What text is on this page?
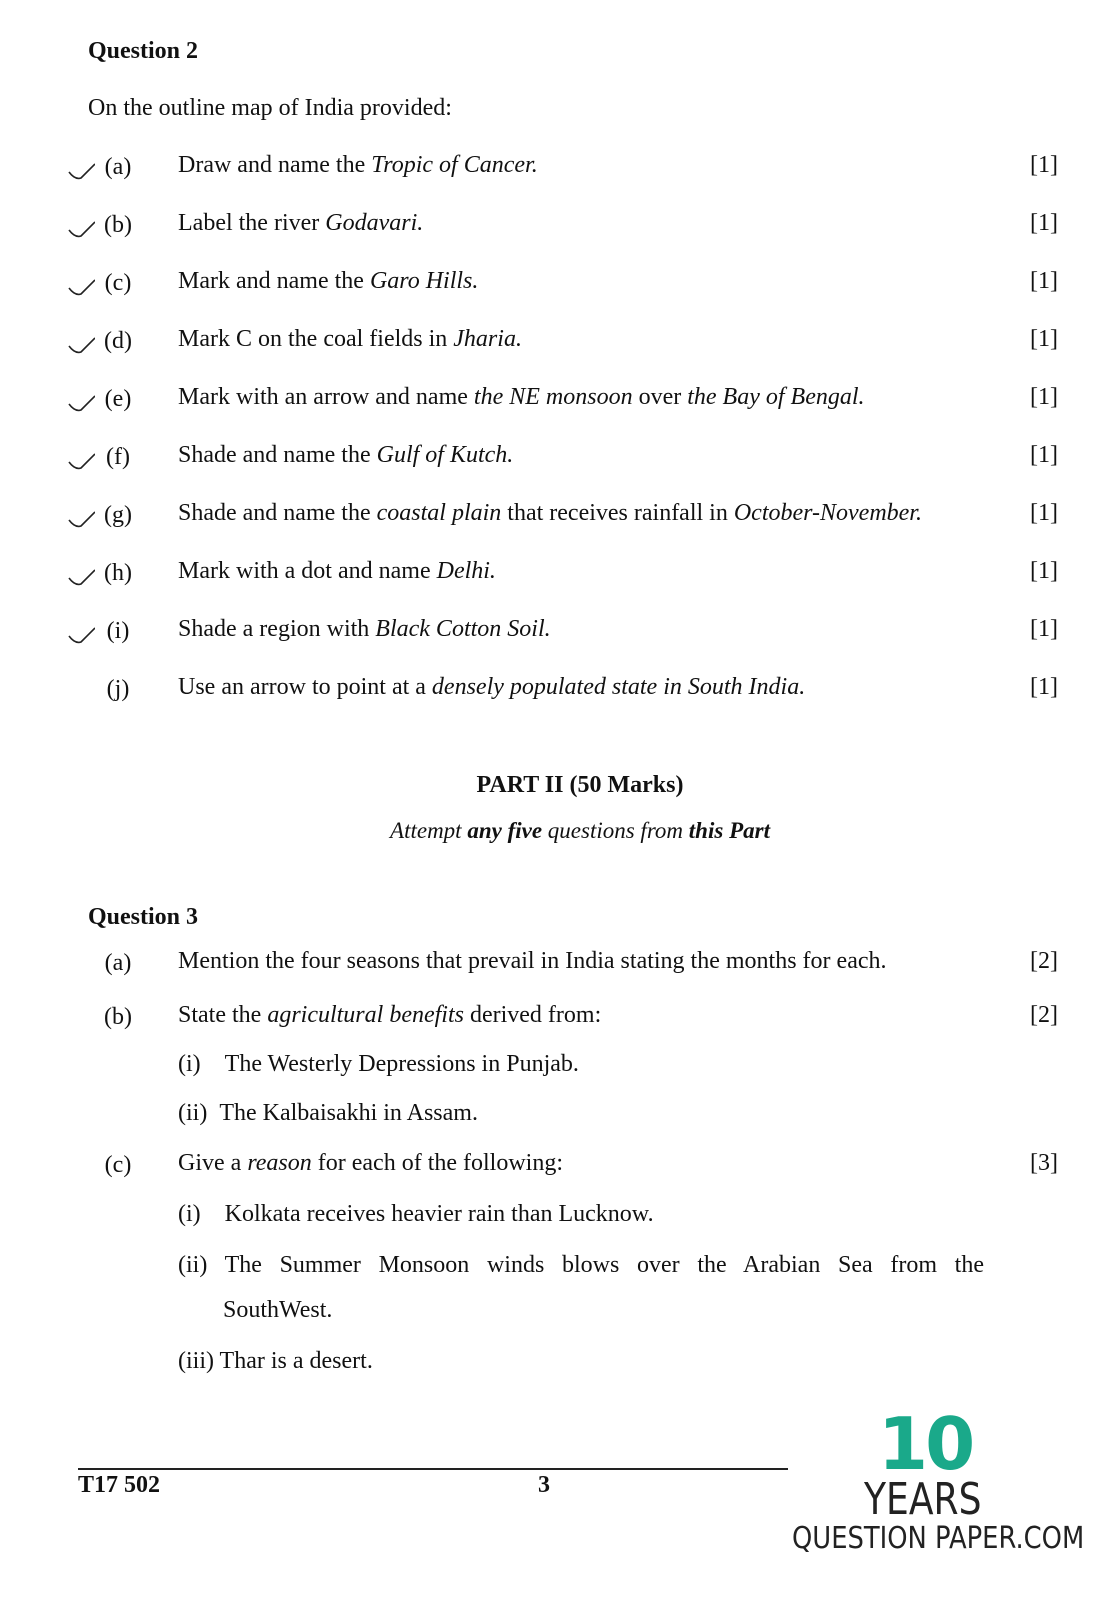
Question 2
On the outline map of India provided:
(a)	Draw and name the Tropic of Cancer.	[1]
(b)	Label the river Godavari.	[1]
(c)	Mark and name the Garo Hills.	[1]
(d)	Mark C on the coal fields in Jharia.	[1]
(e)	Mark with an arrow and name the NE monsoon over the Bay of Bengal.	[1]
(f)	Shade and name the Gulf of Kutch.	[1]
(g)	Shade and name the coastal plain that receives rainfall in October-November.	[1]
(h)	Mark with a dot and name Delhi.	[1]
(i)	Shade a region with Black Cotton Soil.	[1]
(j)	Use an arrow to point at a densely populated state in South India.	[1]
PART II (50 Marks)
Attempt any five questions from this Part
Question 3
(a)	Mention the four seasons that prevail in India stating the months for each.	[2]
(b)	State the agricultural benefits derived from:	[2]
(i) The Westerly Depressions in Punjab.
(ii) The Kalbaisakhi in Assam.
(c)	Give a reason for each of the following:	[3]
(i) Kolkata receives heavier rain than Lucknow.
(ii) The Summer Monsoon winds blows over the Arabian Sea from the
SouthWest.
(iii) Thar is a desert.
T17 502	3	10
YEARS
QUESTION PAPER.COM
